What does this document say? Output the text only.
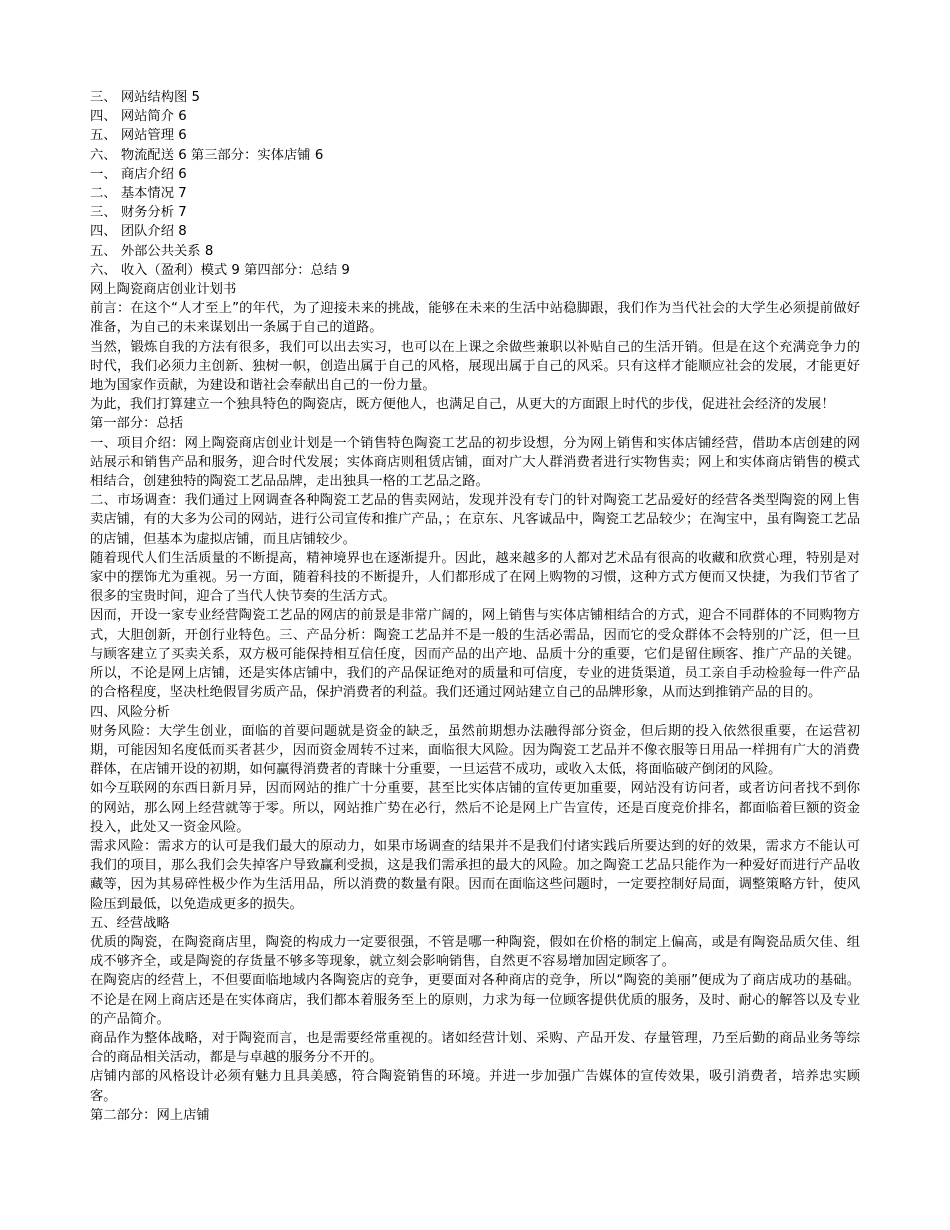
三、 网站结构图 5

四、 网站简介 6

五、 网站管理 6

六、 物流配送 6 第三部分：实体店铺 6

一、 商店介绍 6

二、 基本情况 7

三、 财务分析 7

四、 团队介绍 8

五、 外部公共关系 8

六、 收入（盈利）模式 9 第四部分：总结 9

网上陶瓷商店创业计划书

前言：在这个“人才至上”的年代，为了迎接未来的挑战，能够在未来的生活中站稳脚跟，我们作为当代社会的大学生必须提前做好准备，为自己的未来谋划出一条属于自己的道路。

当然，锻炼自我的方法有很多，我们可以出去实习，也可以在上课之余做些兼职以补贴自己的生活开销。但是在这个充满竞争力的时代，我们必须力主创新、独树一帜，创造出属于自己的风格，展现出属于自己的风采。只有这样才能顺应社会的发展，才能更好地为国家作贡献，为建设和谐社会奉献出自己的一份力量。

为此，我们打算建立一个独具特色的陶瓷店，既方便他人，也满足自己，从更大的方面跟上时代的步伐，促进社会经济的发展！

第一部分：总括

一、项目介绍：网上陶瓷商店创业计划是一个销售特色陶瓷工艺品的初步设想，分为网上销售和实体店铺经营，借助本店创建的网站展示和销售产品和服务，迎合时代发展；实体商店则租赁店铺，面对广大人群消费者进行实物售卖；网上和实体商店销售的模式相结合，创建独特的陶瓷工艺品品牌，走出独具一格的工艺品之路。

二、市场调查：我们通过上网调查各种陶瓷工艺品的售卖网站，发现并没有专门的针对陶瓷工艺品爱好的经营各类型陶瓷的网上售卖店铺，有的大多为公司的网站，进行公司宣传和推广产品，；在京东、凡客诚品中，陶瓷工艺品较少；在淘宝中，虽有陶瓷工艺品的店铺，但基本为虚拟店铺，而且店铺较少。

随着现代人们生活质量的不断提高，精神境界也在逐渐提升。因此，越来越多的人都对艺术品有很高的收藏和欣赏心理，特别是对家中的摆饰尤为重视。另一方面，随着科技的不断提升，人们都形成了在网上购物的习惯，这种方式方便而又快捷，为我们节省了很多的宝贵时间，迎合了当代人快节奏的生活方式。

因而，开设一家专业经营陶瓷工艺品的网店的前景是非常广阔的，网上销售与实体店铺相结合的方式，迎合不同群体的不同购物方式，大胆创新，开创行业特色。三、产品分析：陶瓷工艺品并不是一般的生活必需品，因而它的受众群体不会特别的广泛，但一旦与顾客建立了买卖关系，双方极可能保持相互信任度，因而产品的出产地、品质十分的重要，它们是留住顾客、推广产品的关键。所以，不论是网上店铺，还是实体店铺中，我们的产品保证绝对的质量和可信度，专业的进货渠道，员工亲自手动检验每一件产品的合格程度，坚决杜绝假冒劣质产品，保护消费者的利益。我们还通过网站建立自己的品牌形象，从而达到推销产品的目的。

四、风险分析

财务风险：大学生创业，面临的首要问题就是资金的缺乏，虽然前期想办法融得部分资金，但后期的投入依然很重要，在运营初期，可能因知名度低而买者甚少，因而资金周转不过来，面临很大风险。因为陶瓷工艺品并不像衣服等日用品一样拥有广大的消费群体，在店铺开设的初期，如何赢得消费者的青睐十分重要，一旦运营不成功，或收入太低，将面临破产倒闭的风险。

如今互联网的东西日新月异，因而网站的推广十分重要，甚至比实体店铺的宣传更加重要，网站没有访问者，或者访问者找不到你的网站，那么网上经营就等于零。所以，网站推广势在必行，然后不论是网上广告宣传，还是百度竞价排名，都面临着巨额的资金投入，此处又一资金风险。

需求风险：需求方的认可是我们最大的原动力，如果市场调查的结果并不是我们付诸实践后所要达到的好的效果，需求方不能认可我们的项目，那么我们会失掉客户导致赢利受损，这是我们需承担的最大的风险。加之陶瓷工艺品只能作为一种爱好而进行产品收藏等，因为其易碎性极少作为生活用品，所以消费的数量有限。因而在面临这些问题时，一定要控制好局面，调整策略方针，使风险压到最低，以免造成更多的损失。

五、经营战略

优质的陶瓷，在陶瓷商店里，陶瓷的构成力一定要很强，不管是哪一种陶瓷，假如在价格的制定上偏高，或是有陶瓷品质欠佳、组成不够齐全，或是陶瓷的存货量不够多等现象，就立刻会影响销售，自然更不容易增加固定顾客了。

在陶瓷店的经营上，不但要面临地域内各陶瓷店的竞争，更要面对各种商店的竞争，所以“陶瓷的美丽”便成为了商店成功的基础。不论是在网上商店还是在实体商店，我们都本着服务至上的原则，力求为每一位顾客提供优质的服务，及时、耐心的解答以及专业的产品简介。

商品作为整体战略，对于陶瓷而言，也是需要经常重视的。诸如经营计划、采购、产品开发、存量管理，乃至后勤的商品业务等综合的商品相关活动，都是与卓越的服务分不开的。

店铺内部的风格设计必须有魅力且具美感，符合陶瓷销售的环境。并进一步加强广告媒体的宣传效果，吸引消费者，培养忠实顾客。

第二部分：网上店铺
